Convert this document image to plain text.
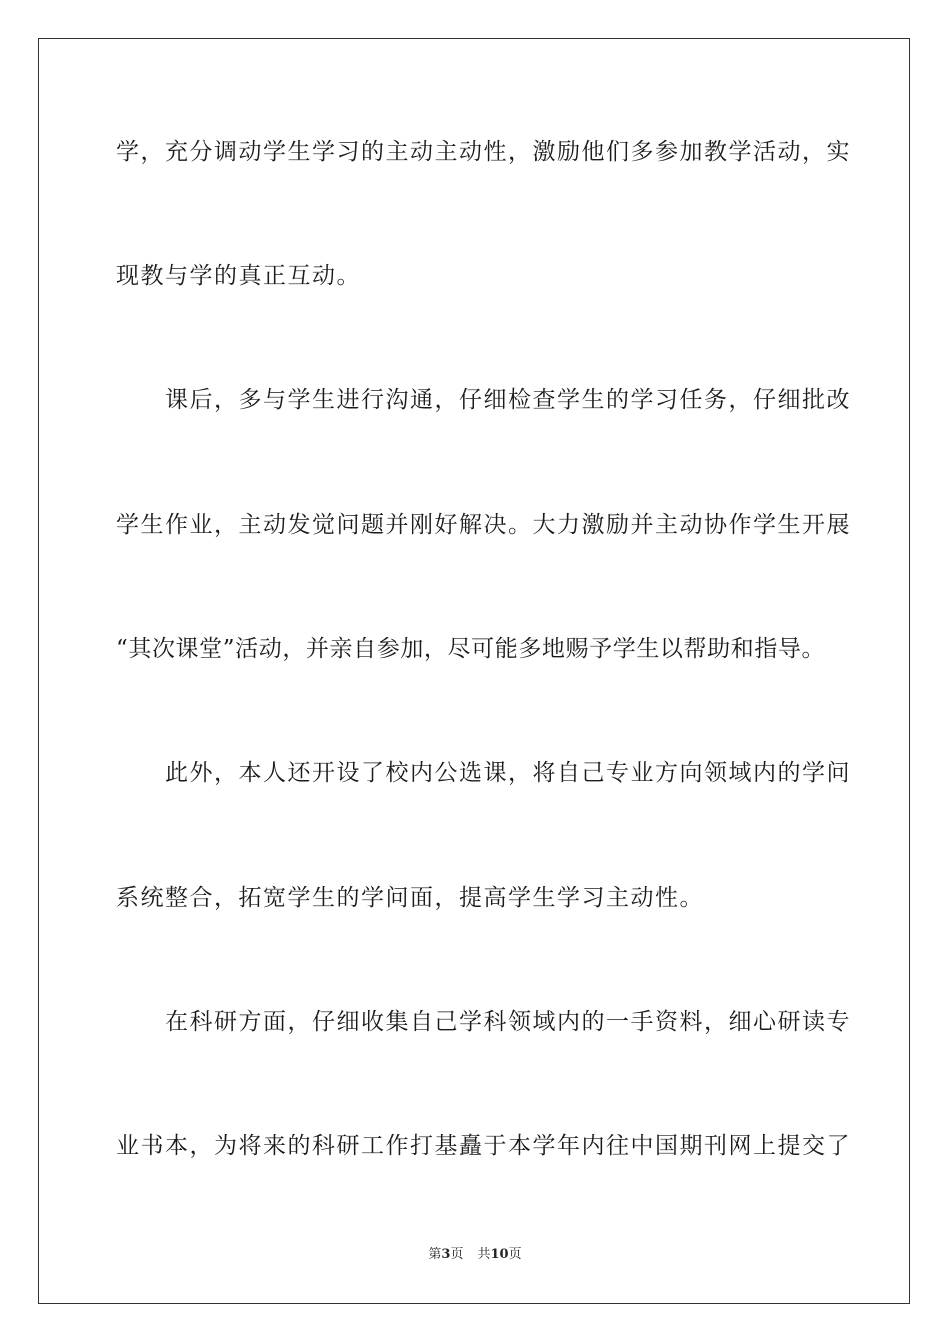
学，充分调动学生学习的主动主动性，激励他们多参加教学活动，实
现教与学的真正互动。
课后，多与学生进行沟通，仔细检查学生的学习任务，仔细批改
学生作业，主动发觉问题并刚好解决。大力激励并主动协作学生开展
“其次课堂”活动，并亲自参加，尽可能多地赐予学生以帮助和指导。
此外，本人还开设了校内公选课，将自己专业方向领域内的学问
系统整合，拓宽学生的学问面，提高学生学习主动性。
在科研方面，仔细收集自己学科领域内的一手资料，细心研读专
业书本，为将来的科研工作打基矗于本学年内往中国期刊网上提交了
第3页 共10页
